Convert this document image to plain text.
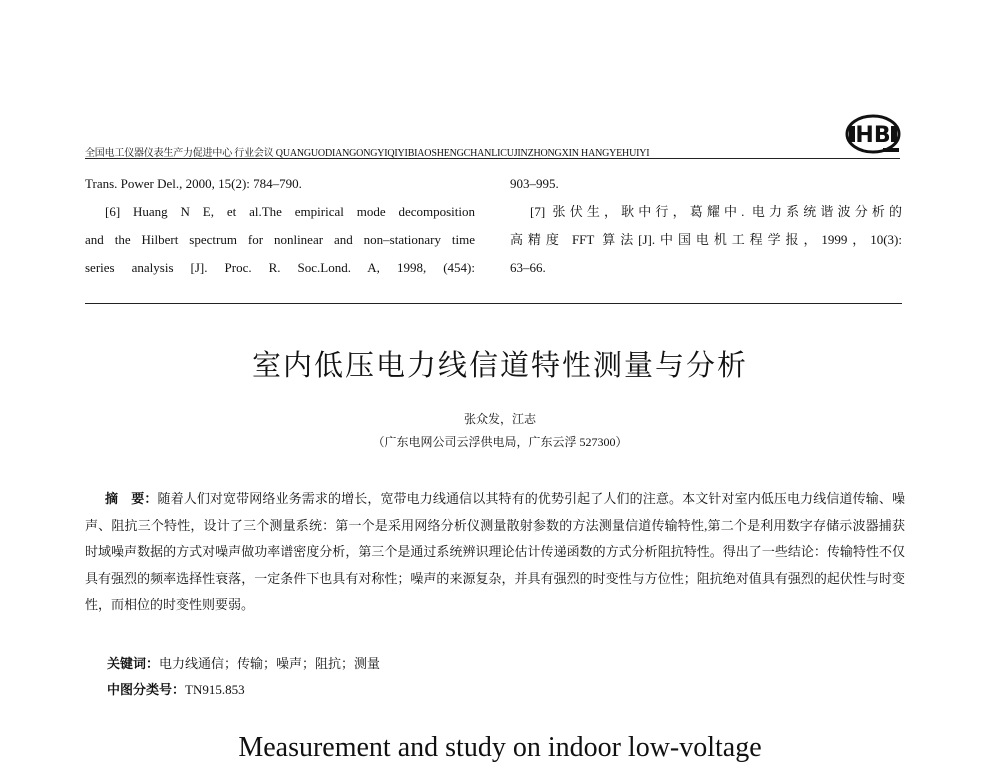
全国电工仪器仪表生产力促进中心 行业会议 QUANGUODIANGONGYIQIYIBIAOSHENGCHANLICUJINZHONGXIN HANGYEHUIYI
HB

Trans. Power Del., 2000, 15(2): 784–790.

[6] Huang N E, et al.The empirical mode decomposition

and the Hilbert spectrum for nonlinear and non–stationary time

series analysis [J]. Proc. R. Soc.Lond. A, 1998, (454):

903–995.

[7] 张伏生，耿中行，葛耀中. 电力系统谐波分析的

高精度 FFT 算法[J].中国电机工程学报，1999，10(3):

63–66.

室内低压电力线信道特性测量与分析
张众发，江志
（广东电网公司云浮供电局，广东云浮 527300）
摘　要：随着人们对宽带网络业务需求的增长，宽带电力线通信以其特有的优势引起了人们的注意。本文针对室内低压电力线信道传输、噪声、阻抗三个特性，设计了三个测量系统：第一个是采用网络分析仪测量散射参数的方法测量信道传输特性,第二个是利用数字存储示波器捕获时域噪声数据的方式对噪声做功率谱密度分析，第三个是通过系统辨识理论估计传递函数的方式分析阻抗特性。得出了一些结论：传输特性不仅具有强烈的频率选择性衰落，一定条件下也具有对称性；噪声的来源复杂，并具有强烈的时变性与方位性；阻抗绝对值具有强烈的起伏性与时变性，而相位的时变性则要弱。
关键词：电力线通信；传输；噪声；阻抗；测量
中图分类号：TN915.853
Measurement and study on indoor low-voltage
